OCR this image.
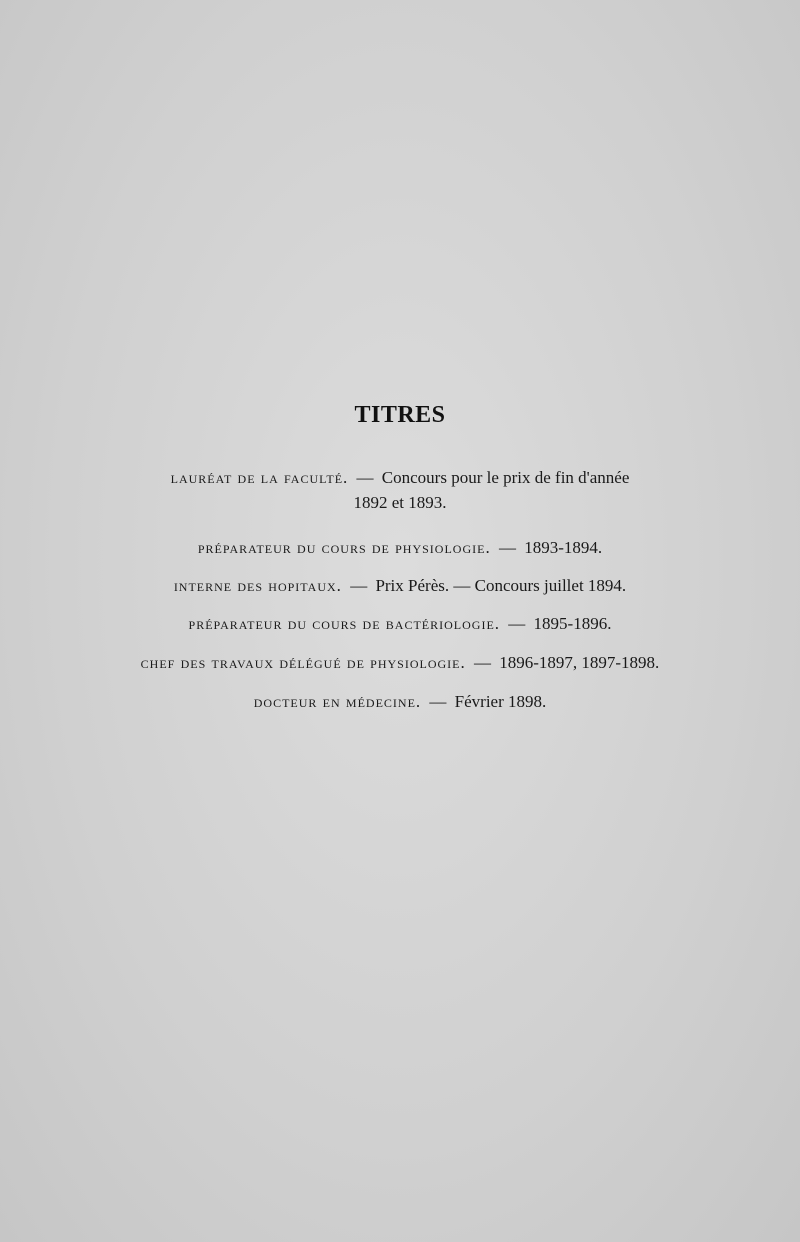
TITRES
lauréat de la faculté. — Concours pour le prix de fin d'année
1892 et 1893.
préparateur du cours de physiologie. — 1893-1894.
interne des hopitaux. — Prix Pérès. — Concours juillet 1894.
préparateur du cours de bactériologie. — 1895-1896.
chef des travaux délégué de physiologie. — 1896-1897, 1897-1898.
docteur en médecine. — Février 1898.
